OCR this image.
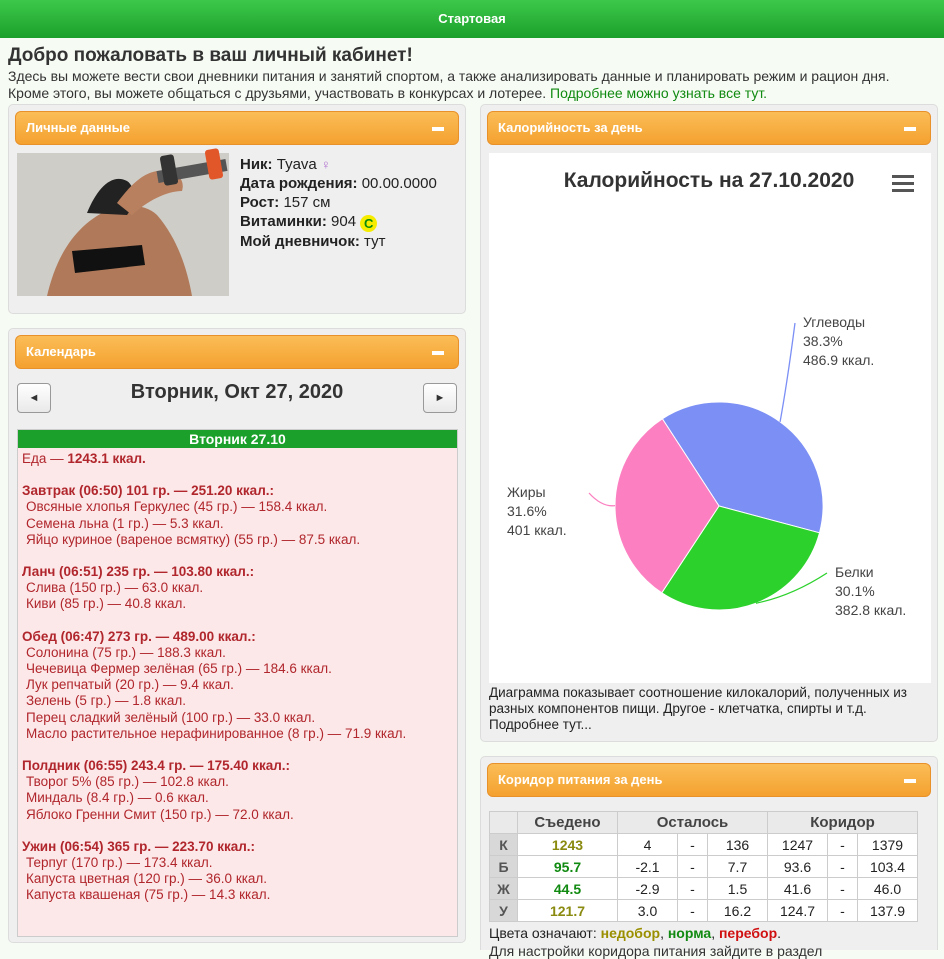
Стартовая
Добро пожаловать в ваш личный кабинет!
Здесь вы можете вести свои дневники питания и занятий спортом, а также анализировать данные и планировать режим и рацион дня.
Кроме этого, вы можете общаться с друзьями, участвовать в конкурсах и лотерее. Подробнее можно узнать все тут.
Личные данные
Ник: Tyava ♀
Дата рождения: 00.00.0000
Рост: 157 см
Витаминки: 904 C
Мой дневничок: тут
Календарь
◄	Вторник, Окт 27, 2020	►
Вторник 27.10
Еда — 1243.1 ккал.
Завтрак (06:50) 101 гр. — 251.20 ккал.:
Овсяные хлопья Геркулес (45 гр.) — 158.4 ккал.
Семена льна (1 гр.) — 5.3 ккал.
Яйцо куриное (вареное всмятку) (55 гр.) — 87.5 ккал.
Ланч (06:51) 235 гр. — 103.80 ккал.:
Слива (150 гр.) — 63.0 ккал.
Киви (85 гр.) — 40.8 ккал.
Обед (06:47) 273 гр. — 489.00 ккал.:
Солонина (75 гр.) — 188.3 ккал.
Чечевица Фермер зелёная (65 гр.) — 184.6 ккал.
Лук репчатый (20 гр.) — 9.4 ккал.
Зелень (5 гр.) — 1.8 ккал.
Перец сладкий зелёный (100 гр.) — 33.0 ккал.
Масло растительное нерафинированное (8 гр.) — 71.9 ккал.
Полдник (06:55) 243.4 гр. — 175.40 ккал.:
Творог 5% (85 гр.) — 102.8 ккал.
Миндаль (8.4 гр.) — 0.6 ккал.
Яблоко Гренни Смит (150 гр.) — 72.0 ккал.
Ужин (06:54) 365 гр. — 223.70 ккал.:
Терпуг (170 гр.) — 173.4 ккал.
Капуста цветная (120 гр.) — 36.0 ккал.
Капуста квашеная (75 гр.) — 14.3 ккал.
Калорийность за день
Калорийность на 27.10.2020
Углеводы
38.3%
486.9 ккал.
Белки
30.1%
382.8 ккал.
Жиры
31.6%
401 ккал.
Диаграмма показывает соотношение килокалорий, полученных из разных компонентов пищи. Другое - клетчатка, спирты и т.д. Подробнее тут...
Коридор питания за день
	Съедено	Осталось			Коридор		
К	1243	4	-	136	1247	-	1379
Б	95.7	-2.1	-	7.7	93.6	-	103.4
Ж	44.5	-2.9	-	1.5	41.6	-	46.0
У	121.7	3.0	-	16.2	124.7	-	137.9
Цвета означают: недобор, норма, перебор.
Для настройки коридора питания зайдите в раздел
